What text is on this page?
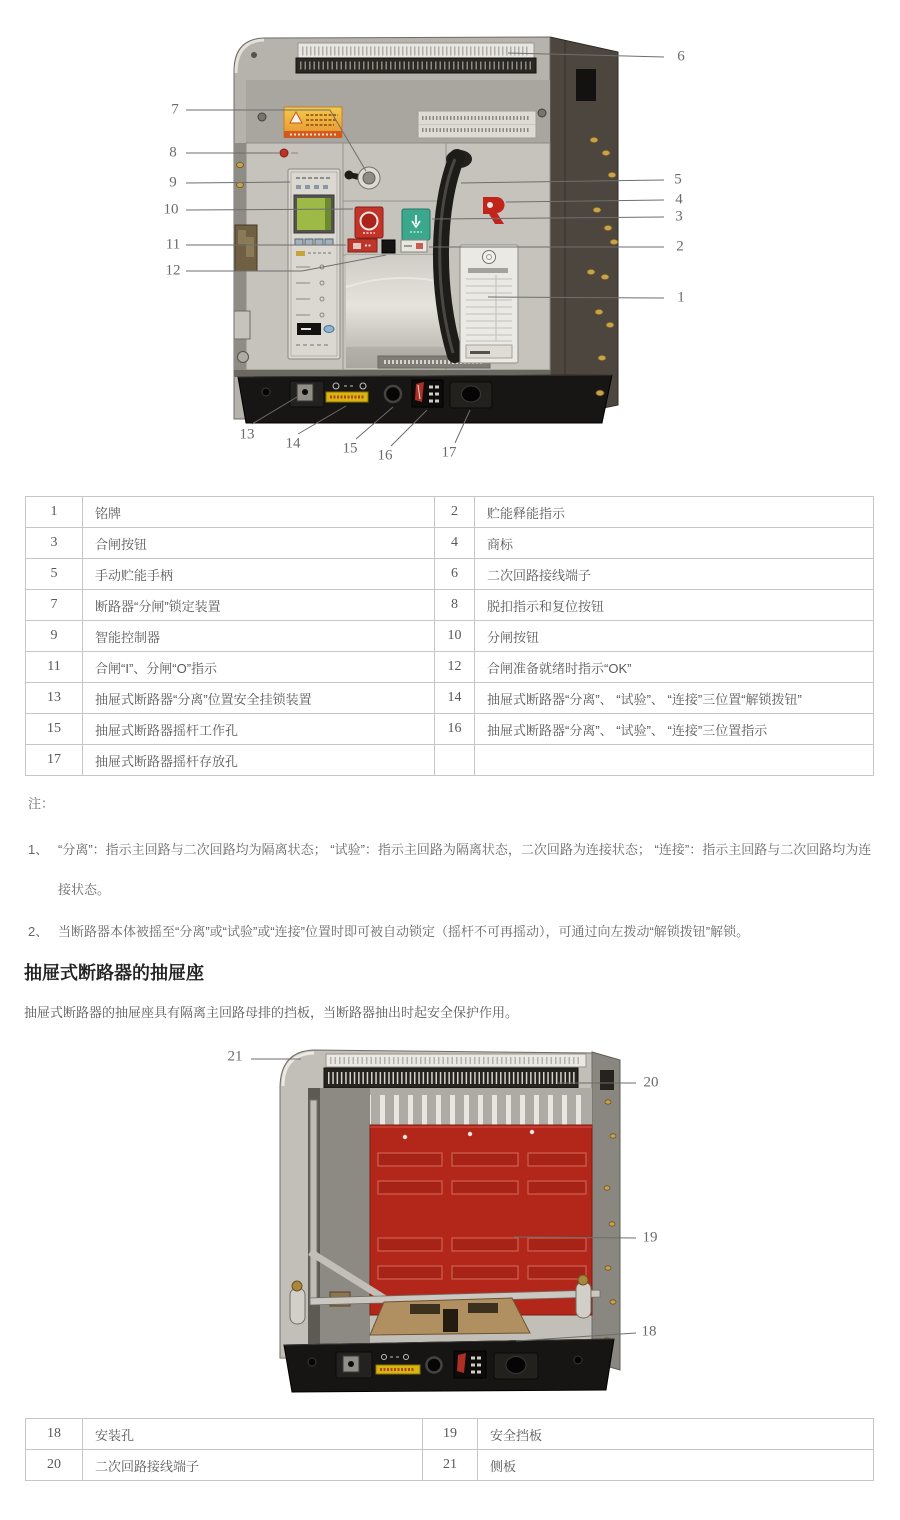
1
2
3
4
5
6
7
8
9
10
11
12
13
14	15 16	17
1	铭牌	2	贮能释能指示
3	合闸按钮	4	商标
5	手动贮能手柄	6	二次回路接线端子
7	断路器“分闸”锁定装置	8	脱扣指示和复位按钮
9	智能控制器	10	分闸按钮
11	合闸“I”、分闸“O”指示	12	合闸准备就绪时指示“OK”
13	抽屉式断路器“分离”位置安全挂锁装置	14	抽屉式断路器“分离”、 “试验”、 “连接”三位置“解锁拨钮”
15	抽屉式断路器摇杆工作孔	16	抽屉式断路器“分离”、 “试验”、 “连接”三位置指示
17	抽屉式断路器摇杆存放孔		
注：
1、 “分离”：指示主回路与二次回路均为隔离状态； “试验”：指示主回路为隔离状态，二次回路为连接状态； “连接”：指示主回路与二次回路均为连接状态。
2、 当断路器本体被摇至“分离”或“试验”或“连接”位置时即可被自动锁定（摇杆不可再摇动），可通过向左拨动“解锁拨钮”解锁。
抽屉式断路器的抽屉座
抽屉式断路器的抽屉座具有隔离主回路母排的挡板，当断路器抽出时起安全保护作用。
18
19
20
21
18	安装孔	19	安全挡板
20	二次回路接线端子	21	侧板
